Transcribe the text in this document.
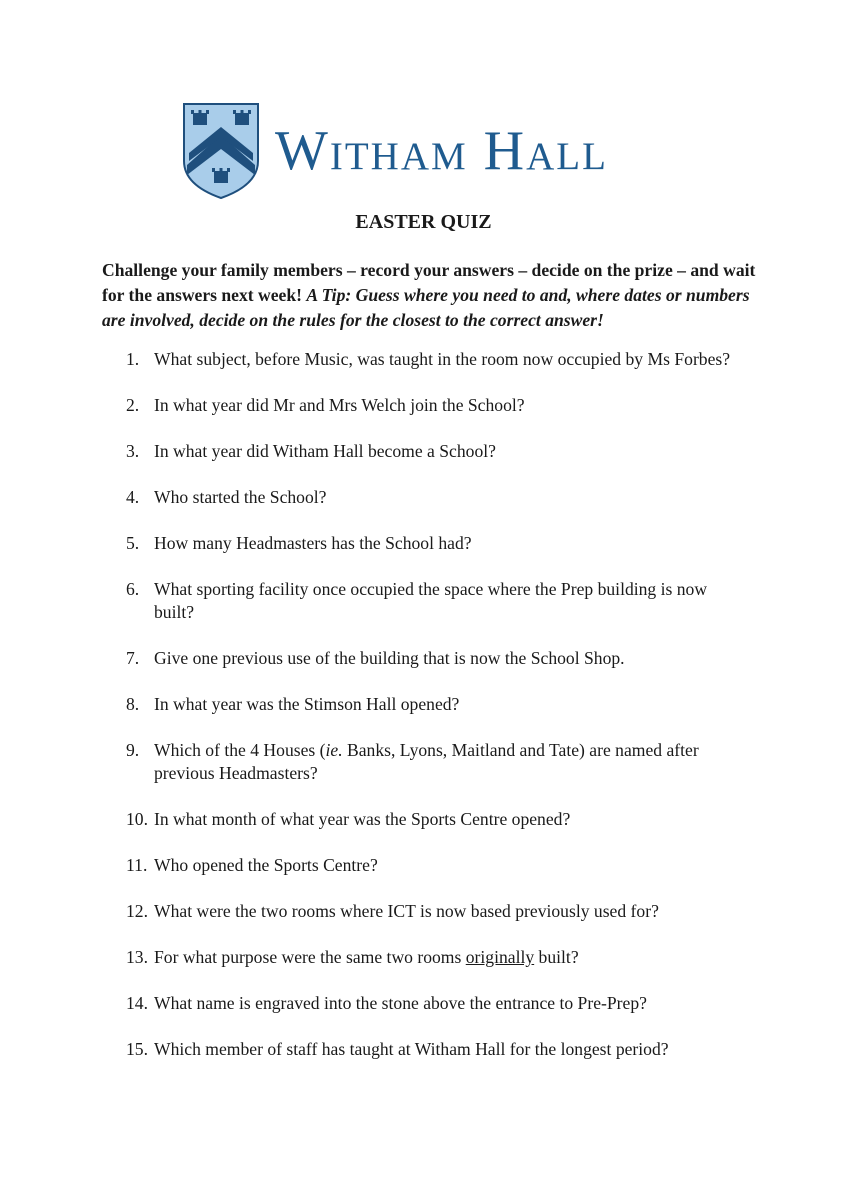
Witham Hall
EASTER QUIZ
Challenge your family members – record your answers – decide on the prize – and wait for the answers next week! A Tip: Guess where you need to and, where dates or numbers are involved, decide on the rules for the closest to the correct answer!
1. What subject, before Music, was taught in the room now occupied by Ms Forbes?
2. In what year did Mr and Mrs Welch join the School?
3. In what year did Witham Hall become a School?
4. Who started the School?
5. How many Headmasters has the School had?
6. What sporting facility once occupied the space where the Prep building is now built?
7. Give one previous use of the building that is now the School Shop.
8. In what year was the Stimson Hall opened?
9. Which of the 4 Houses (ie. Banks, Lyons, Maitland and Tate) are named after previous Headmasters?
10. In what month of what year was the Sports Centre opened?
11. Who opened the Sports Centre?
12. What were the two rooms where ICT is now based previously used for?
13. For what purpose were the same two rooms originally built?
14. What name is engraved into the stone above the entrance to Pre-Prep?
15. Which member of staff has taught at Witham Hall for the longest period?
